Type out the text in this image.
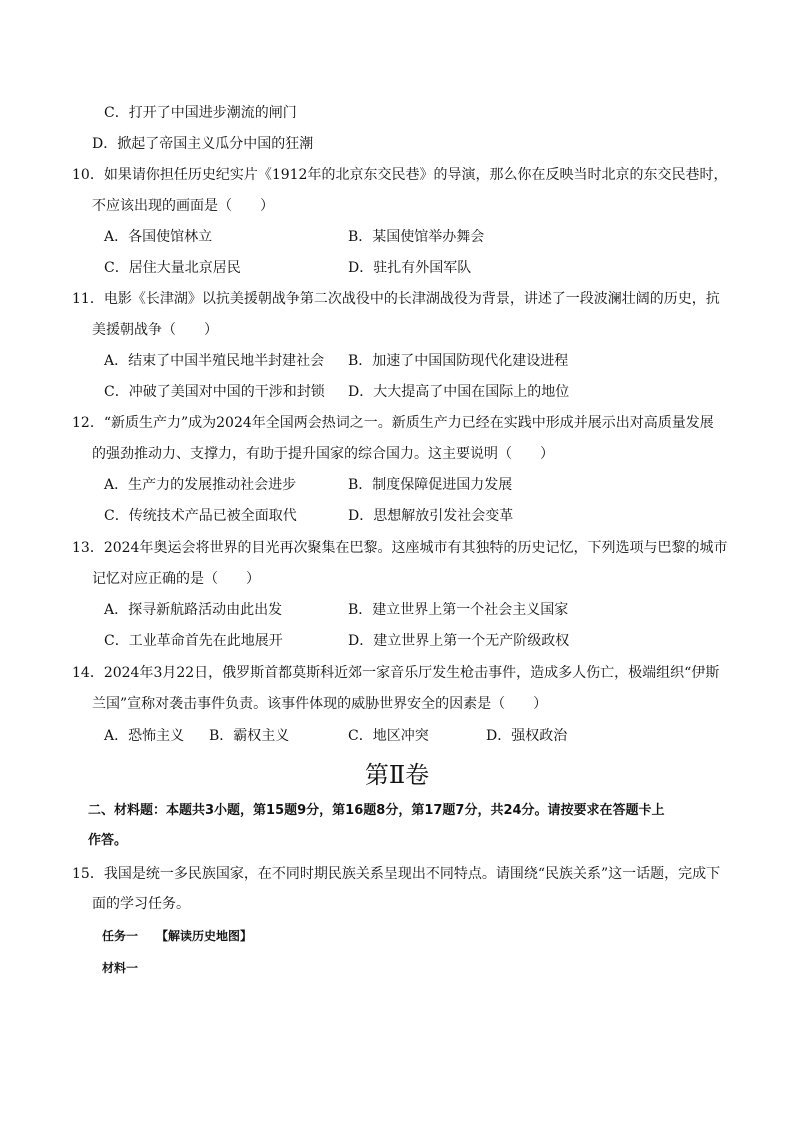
C．打开了中国进步潮流的闸门
D．掀起了帝国主义瓜分中国的狂潮
10．如果请你担任历史纪实片《1912年的北京东交民巷》的导演，那么你在反映当时北京的东交民巷时，
不应该出现的画面是（　　）
A．各国使馆林立	B．某国使馆举办舞会
C．居住大量北京居民	D．驻扎有外国军队
11．电影《长津湖》以抗美援朝战争第二次战役中的长津湖战役为背景，讲述了一段波澜壮阔的历史，抗
美援朝战争（　　）
A．结束了中国半殖民地半封建社会 B．加速了中国国防现代化建设进程
C．冲破了美国对中国的干涉和封锁 D．大大提高了中国在国际上的地位
12．“新质生产力”成为2024年全国两会热词之一。新质生产力已经在实践中形成并展示出对高质量发展
的强劲推动力、支撑力，有助于提升国家的综合国力。这主要说明（　　）
A．生产力的发展推动社会进步	B．制度保障促进国力发展
C．传统技术产品已被全面取代	D．思想解放引发社会变革
13．2024年奥运会将世界的目光再次聚集在巴黎。这座城市有其独特的历史记忆，下列选项与巴黎的城市
记忆对应正确的是（　　）
A．探寻新航路活动由此出发	B．建立世界上第一个社会主义国家
C．工业革命首先在此地展开	D．建立世界上第一个无产阶级政权
14．2024年3月22日，俄罗斯首都莫斯科近郊一家音乐厅发生枪击事件，造成多人伤亡，极端组织“伊斯
兰国”宣称对袭击事件负责。该事件体现的威胁世界安全的因素是（　　）
A．恐怖主义 B．霸权主义	C．地区冲突	D．强权政治
第Ⅱ卷
二、材料题：本题共3小题，第15题9分，第16题8分，第17题7分，共24分。请按要求在答题卡上
作答。
15．我国是统一多民族国家，在不同时期民族关系呈现出不同特点。请围绕“民族关系”这一话题，完成下
面的学习任务。
任务一　　【解读历史地图】
材料一
